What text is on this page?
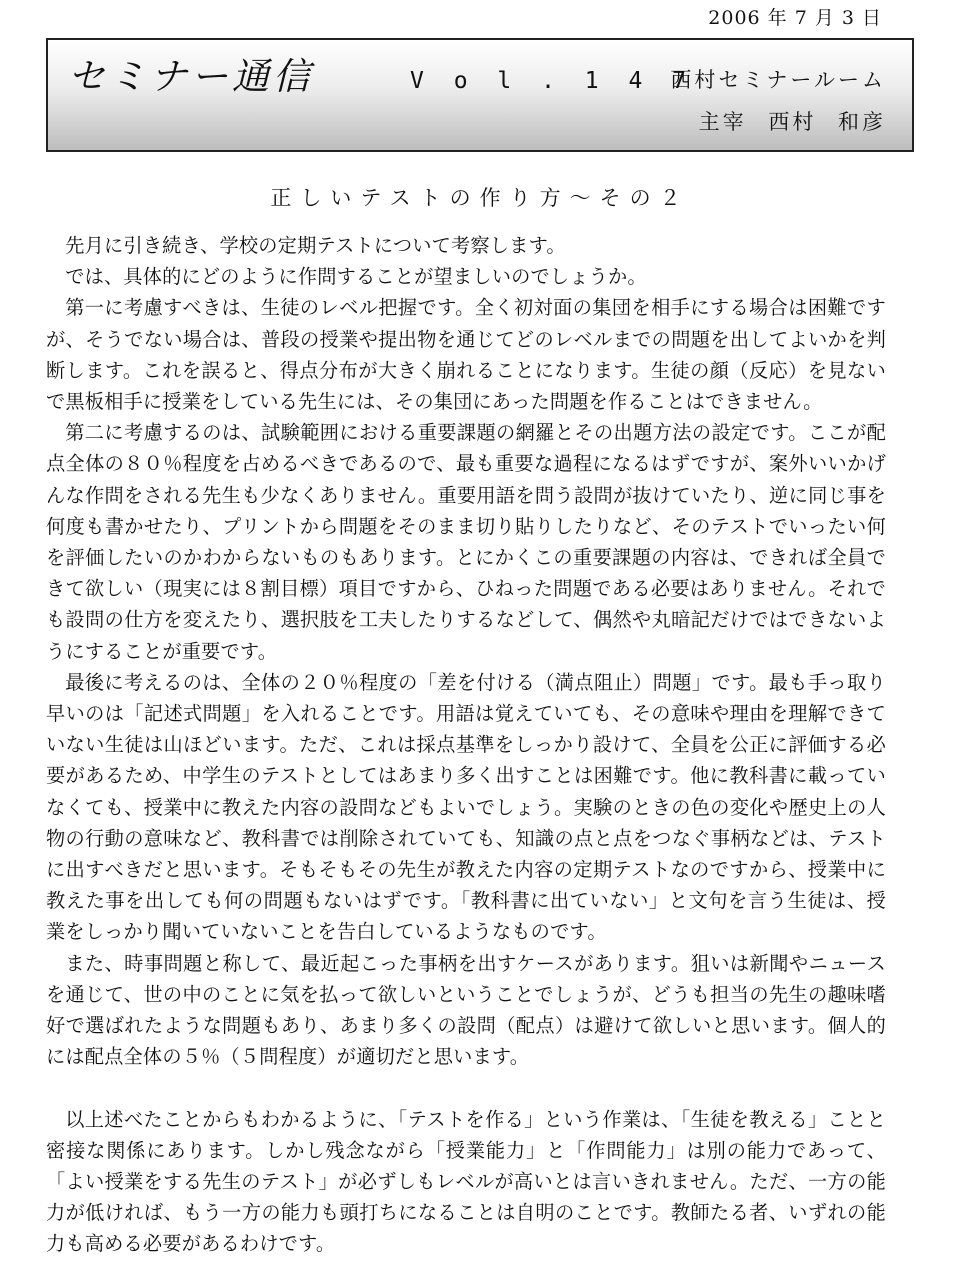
2006 年 7 月 3 日
セミナー通信	V o l . 1 4 7
西村セミナールーム
主宰 西村 和彦
正しいテストの作り方～その２

先月に引き続き、学校の定期テストについて考察します。

では、具体的にどのように作問することが望ましいのでしょうか。

第一に考慮すべきは、生徒のレベル把握です。全く初対面の集団を相手にする場合は困難ですが、そうでない場合は、普段の授業や提出物を通じてどのレベルまでの問題を出してよいかを判断します。これを誤ると、得点分布が大きく崩れることになります。生徒の顔（反応）を見ないで黒板相手に授業をしている先生には、その集団にあった問題を作ることはできません。

第二に考慮するのは、試験範囲における重要課題の網羅とその出題方法の設定です。ここが配点全体の８０％程度を占めるべきであるので、最も重要な過程になるはずですが、案外いいかげんな作問をされる先生も少なくありません。重要用語を問う設問が抜けていたり、逆に同じ事を何度も書かせたり、プリントから問題をそのまま切り貼りしたりなど、そのテストでいったい何を評価したいのかわからないものもあります。とにかくこの重要課題の内容は、できれば全員できて欲しい（現実には８割目標）項目ですから、ひねった問題である必要はありません。それでも設問の仕方を変えたり、選択肢を工夫したりするなどして、偶然や丸暗記だけではできないようにすることが重要です。

最後に考えるのは、全体の２０％程度の「差を付ける（満点阻止）問題」です。最も手っ取り早いのは「記述式問題」を入れることです。用語は覚えていても、その意味や理由を理解できていない生徒は山ほどいます。ただ、これは採点基準をしっかり設けて、全員を公正に評価する必要があるため、中学生のテストとしてはあまり多く出すことは困難です。他に教科書に載っていなくても、授業中に教えた内容の設問などもよいでしょう。実験のときの色の変化や歴史上の人物の行動の意味など、教科書では削除されていても、知識の点と点をつなぐ事柄などは、テストに出すべきだと思います。そもそもその先生が教えた内容の定期テストなのですから、授業中に教えた事を出しても何の問題もないはずです。「教科書に出ていない」と文句を言う生徒は、授業をしっかり聞いていないことを告白しているようなものです。

また、時事問題と称して、最近起こった事柄を出すケースがあります。狙いは新聞やニュースを通じて、世の中のことに気を払って欲しいということでしょうが、どうも担当の先生の趣味嗜好で選ばれたような問題もあり、あまり多くの設問（配点）は避けて欲しいと思います。個人的には配点全体の５％（５問程度）が適切だと思います。

以上述べたことからもわかるように、「テストを作る」という作業は、「生徒を教える」ことと密接な関係にあります。しかし残念ながら「授業能力」と「作問能力」は別の能力であって、「よい授業をする先生のテスト」が必ずしもレベルが高いとは言いきれません。ただ、一方の能力が低ければ、もう一方の能力も頭打ちになることは自明のことです。教師たる者、いずれの能力も高める必要があるわけです。
